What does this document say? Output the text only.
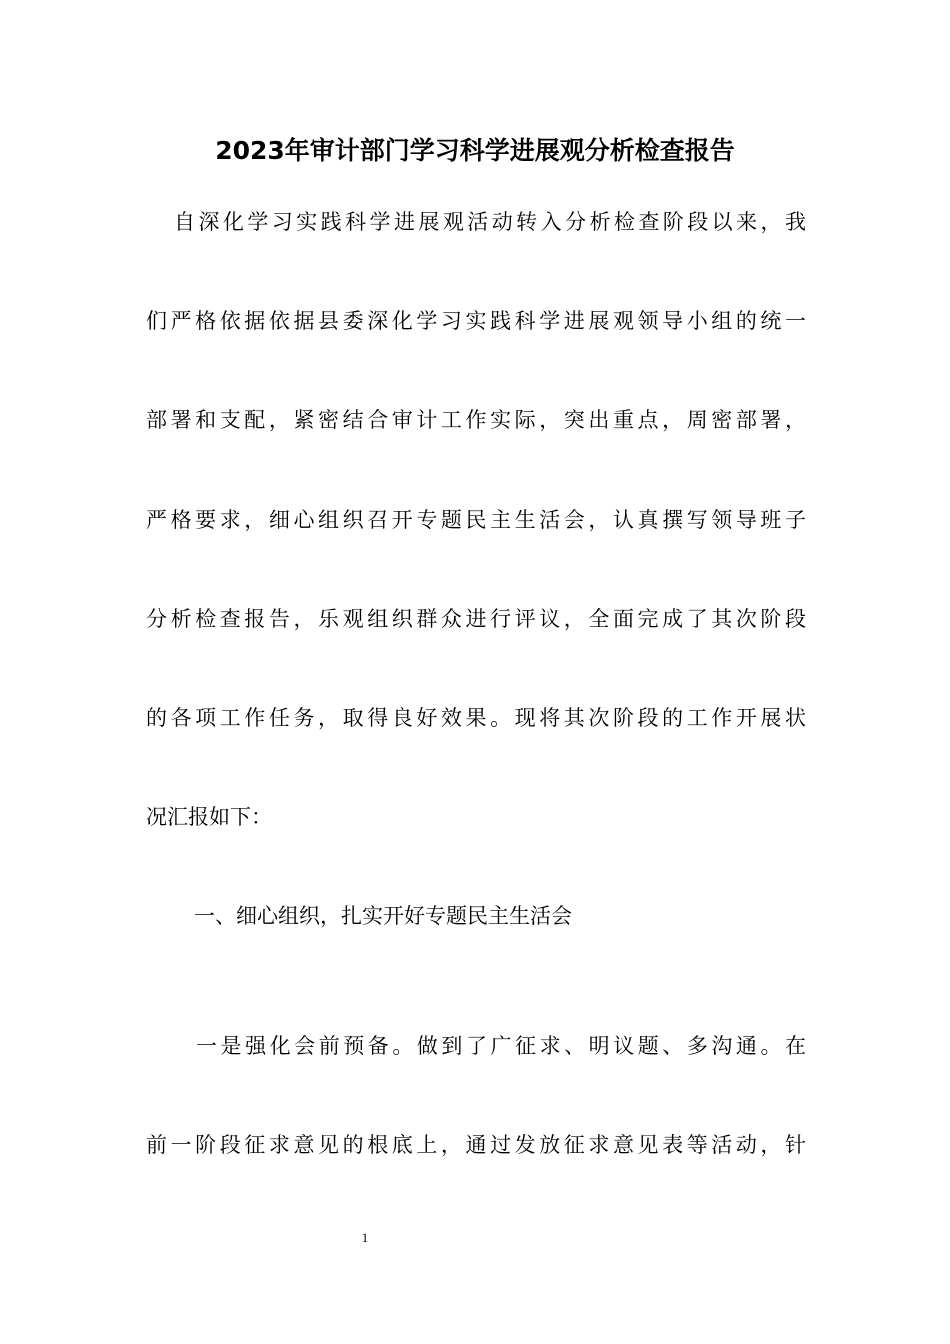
2023年审计部门学习科学进展观分析检查报告
自深化学习实践科学进展观活动转入分析检查阶段以来，我
们严格依据依据县委深化学习实践科学进展观领导小组的统一
部署和支配，紧密结合审计工作实际，突出重点，周密部署，
严格要求，细心组织召开专题民主生活会，认真撰写领导班子
分析检查报告，乐观组织群众进行评议，全面完成了其次阶段
的各项工作任务，取得良好效果。现将其次阶段的工作开展状
况汇报如下：
一、细心组织，扎实开好专题民主生活会
一是强化会前预备。做到了广征求、明议题、多沟通。在
前一阶段征求意见的根底上，通过发放征求意见表等活动，针
1
